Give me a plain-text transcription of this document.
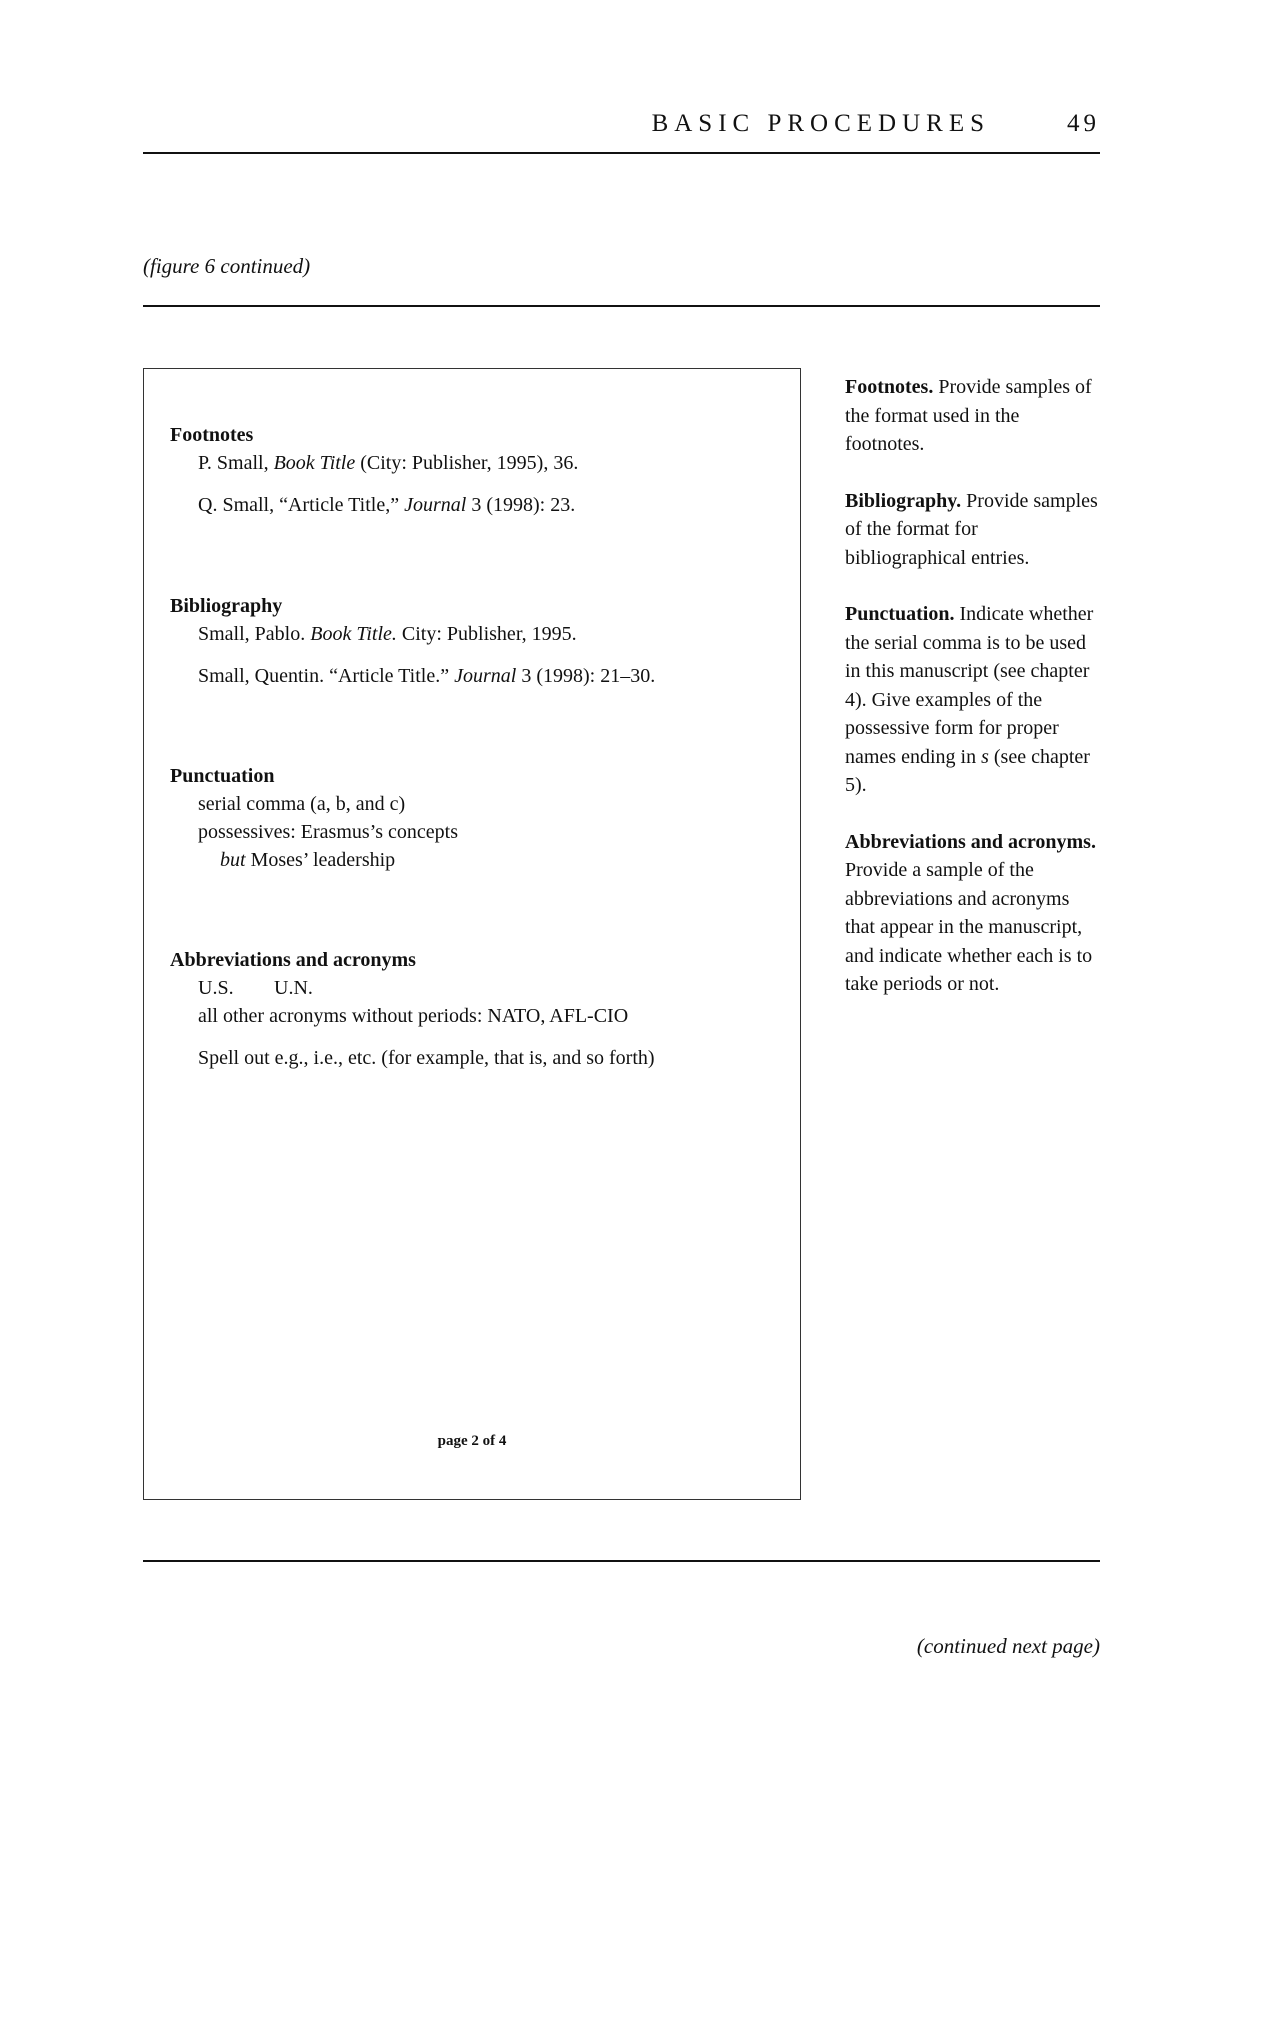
BASIC PROCEDURES	49
(figure 6 continued)
Footnotes
P. Small, Book Title (City: Publisher, 1995), 36.
Q. Small, “Article Title,” Journal 3 (1998): 23.
Bibliography
Small, Pablo. Book Title. City: Publisher, 1995.
Small, Quentin. “Article Title.” Journal 3 (1998): 21–30.
Punctuation
serial comma (a, b, and c)
possessives: Erasmus’s concepts
but Moses’ leadership
Abbreviations and acronyms
U.S. U.N.
all other acronyms without periods: NATO, AFL-CIO
Spell out e.g., i.e., etc. (for example, that is, and so forth)
page 2 of 4
Footnotes. Provide samples of the format used in the footnotes.
Bibliography. Provide samples of the format for bibliographical entries.
Punctuation. Indicate whether the serial comma is to be used in this manuscript (see chapter 4). Give examples of the possessive form for proper names ending in s (see chapter 5).
Abbreviations and acronyms. Provide a sample of the abbreviations and acronyms that appear in the manuscript, and indicate whether each is to take periods or not.
(continued next page)
